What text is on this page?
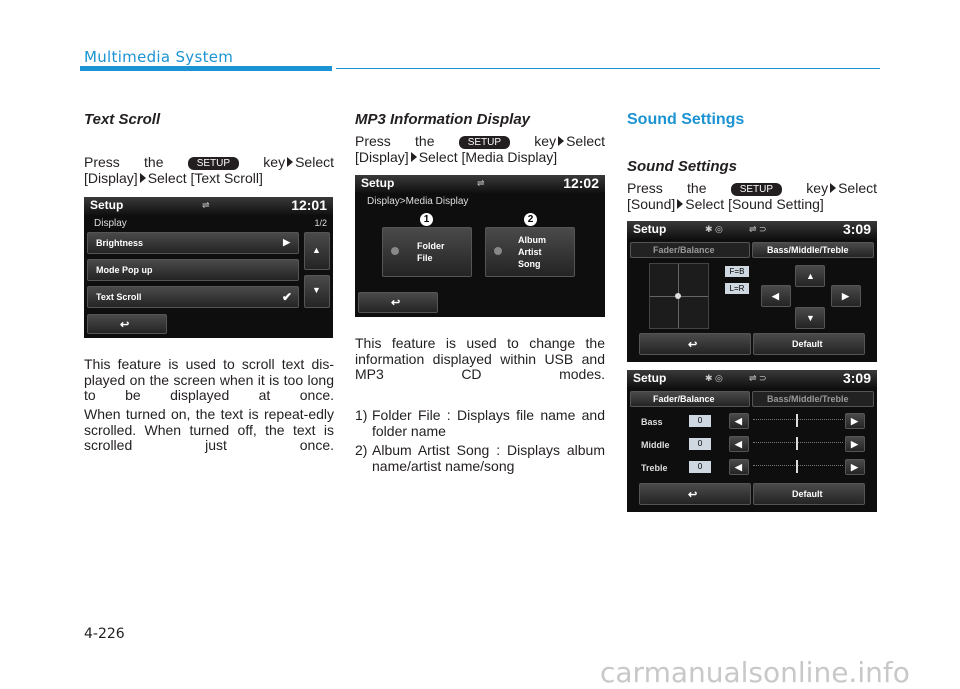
Multimedia System
Text Scroll
Press the	SETUP key Select
[Display] Select [Text Scroll]
Setup	⇌	12:01
Display	1/2
Brightness	▶
Mode Pop up
Text Scroll	✔
▲
▼
↩
This feature is used to scroll text dis-played on the screen when it is too long to be displayed at once.
When turned on, the text is repeat-edly scrolled. When turned off, the text is scrolled just once.
MP3 Information Display
Press the	SETUP key Select
[Display] Select [Media Display]
Setup	⇌	12:02
Display>Media Display
1	2
Folder
File
Album
Artist
Song
↩
This feature is used to change the information displayed within USB and MP3 CD modes.
1) Folder File : Displays file name and folder name
2) Album Artist Song : Displays album name/artist name/song
Sound Settings
Sound Settings
Press the	SETUP key Select
[Sound] Select [Sound Setting]
Setup	✱ ◎	⇌ ⊃	3:09
Fader/Balance	Bass/Middle/Treble
F=B
L=R
▲
◀	▶
▼
↩	Default
Setup	✱ ◎	⇌ ⊃	3:09
Fader/Balance	Bass/Middle/Treble
Bass	0	◀	▶
Middle	0	◀	▶
Treble	0	◀	▶
↩	Default
4-226
carmanualsonline.info
